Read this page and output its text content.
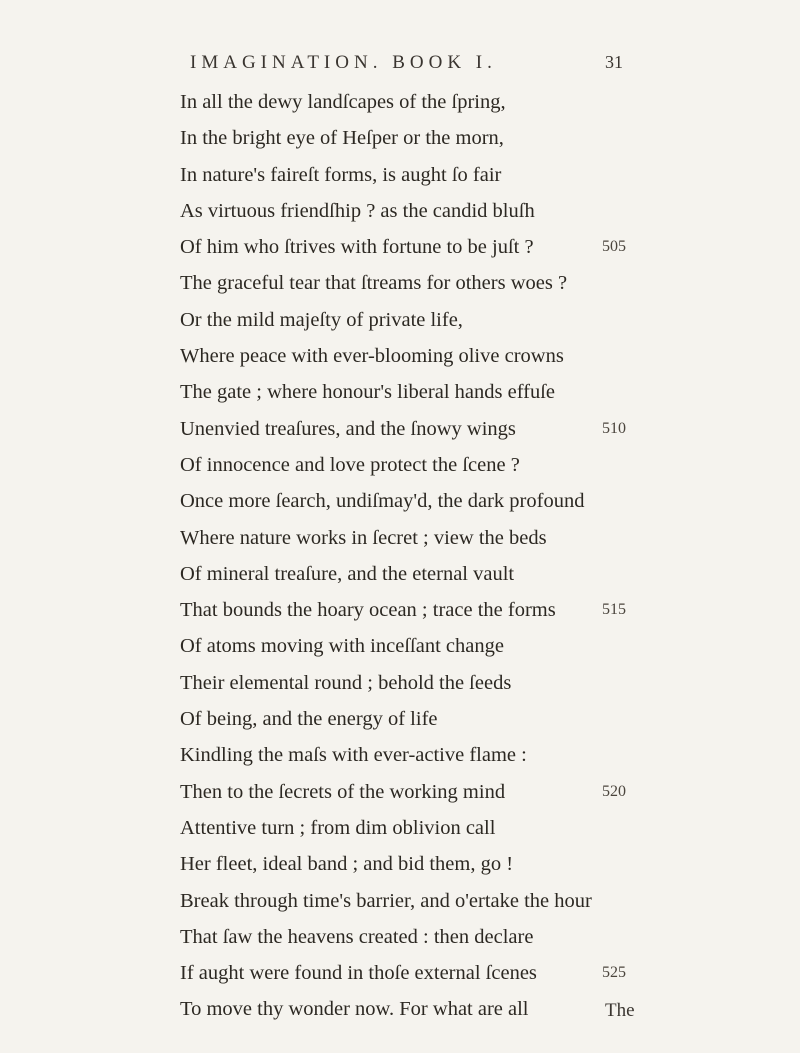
IMAGINATION. BOOK I.	31
In all the dewy landſcapes of the ſpring,
In the bright eye of Heſper or the morn,
In nature's faireſt forms, is aught ſo fair
As virtuous friendſhip ? as the candid bluſh
Of him who ſtrives with fortune to be juſt ?
The graceful tear that ſtreams for others woes ?
Or the mild majeſty of private life,
Where peace with ever-blooming olive crowns
The gate ; where honour's liberal hands effuſe
Unenvied treaſures, and the ſnowy wings
Of innocence and love protect the ſcene ?
Once more ſearch, undiſmay'd, the dark profound
Where nature works in ſecret ; view the beds
Of mineral treaſure, and the eternal vault
That bounds the hoary ocean ; trace the forms
Of atoms moving with inceſſant change
Their elemental round ; behold the ſeeds
Of being, and the energy of life
Kindling the maſs with ever-active flame :
Then to the ſecrets of the working mind
Attentive turn ; from dim oblivion call
Her fleet, ideal band ; and bid them, go !
Break through time's barrier, and o'ertake the hour
That ſaw the heavens created : then declare
If aught were found in thoſe external ſcenes
To move thy wonder now. For what are all
505
510
515
520
525
The
